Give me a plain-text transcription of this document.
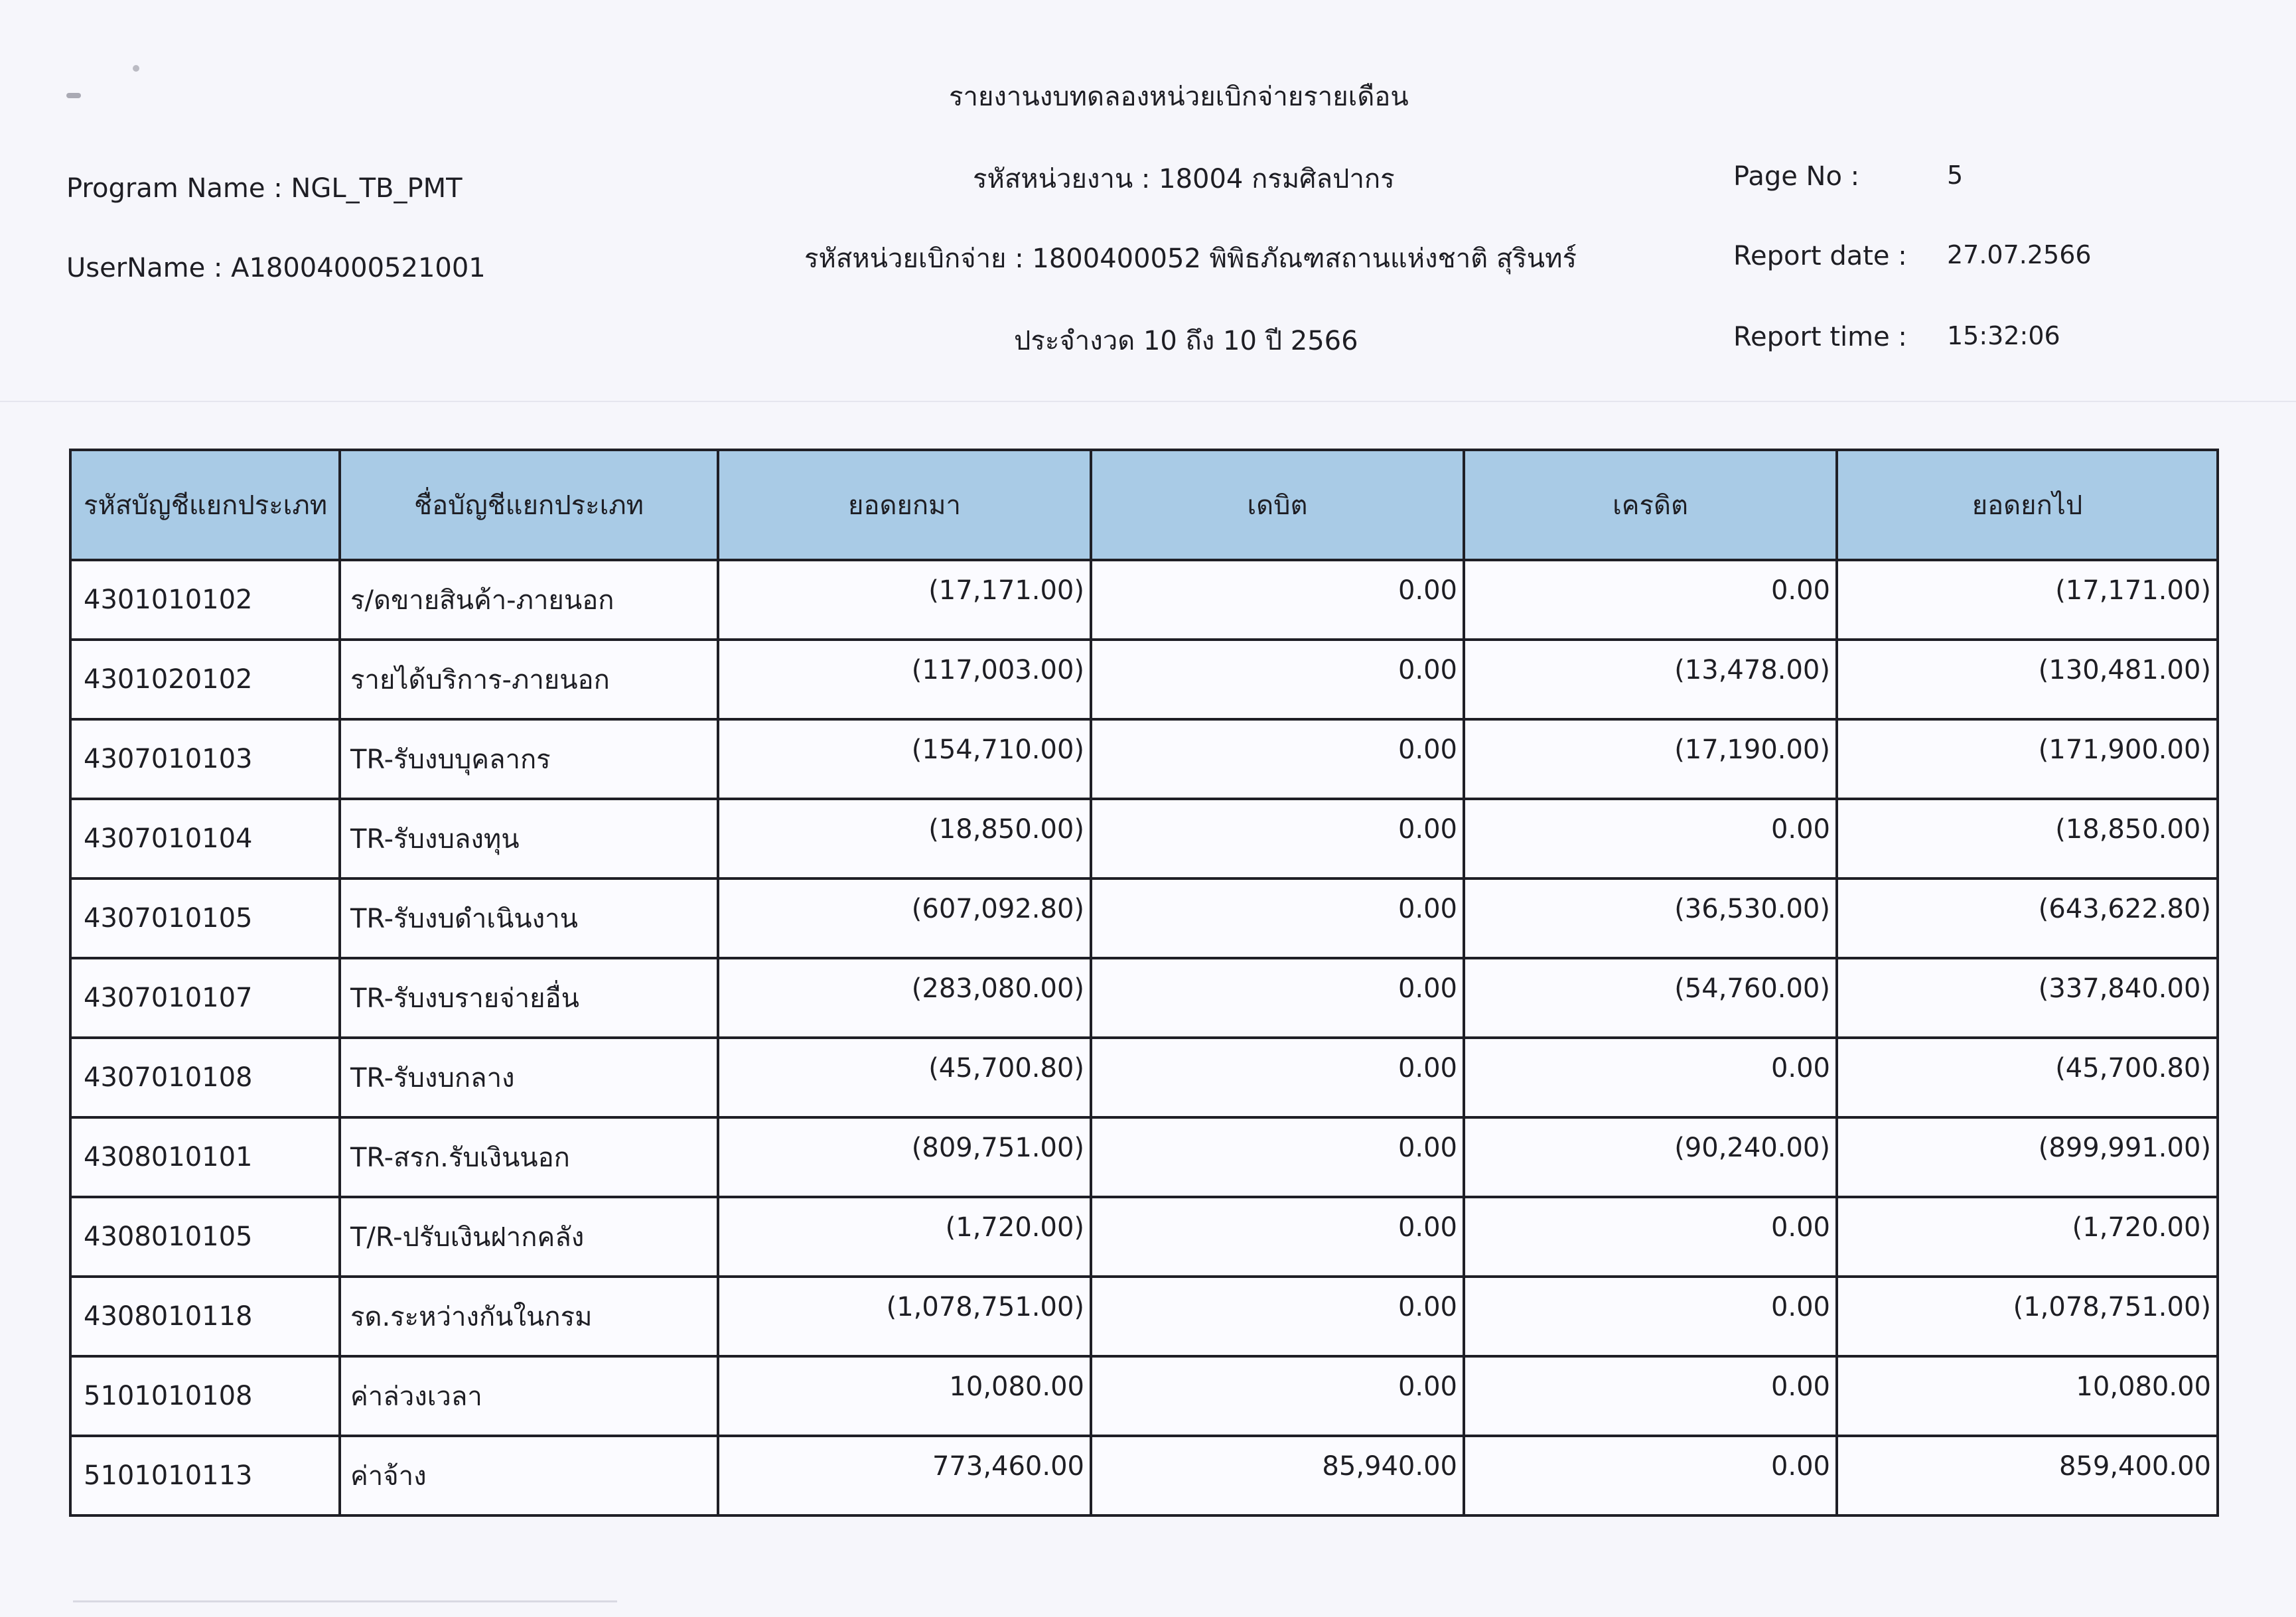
รายงานงบทดลองหน่วยเบิกจ่ายรายเดือน
Program Name : NGL_TB_PMT
UserName : A18004000521001
รหัสหน่วยงาน : 18004 กรมศิลปากร
รหัสหน่วยเบิกจ่าย : 1800400052 พิพิธภัณฑสถานแห่งชาติ สุรินทร์
ประจำงวด 10 ถึง 10 ปี 2566
Page No :	5
Report date : 27.07.2566
Report time : 15:32:06
รหัสบัญชีแยกประเภท	ชื่อบัญชีแยกประเภท	ยอดยกมา	เดบิต	เครดิต	ยอดยกไป
4301010102	ร/ดขายสินค้า-ภายนอก	(17,171.00)	0.00	0.00	(17,171.00)
4301020102	รายได้บริการ-ภายนอก	(117,003.00)	0.00	(13,478.00)	(130,481.00)
4307010103	TR-รับงบบุคลากร	(154,710.00)	0.00	(17,190.00)	(171,900.00)
4307010104	TR-รับงบลงทุน	(18,850.00)	0.00	0.00	(18,850.00)
4307010105	TR-รับงบดำเนินงาน	(607,092.80)	0.00	(36,530.00)	(643,622.80)
4307010107	TR-รับงบรายจ่ายอื่น	(283,080.00)	0.00	(54,760.00)	(337,840.00)
4307010108	TR-รับงบกลาง	(45,700.80)	0.00	0.00	(45,700.80)
4308010101	TR-สรก.รับเงินนอก	(809,751.00)	0.00	(90,240.00)	(899,991.00)
4308010105	T/R-ปรับเงินฝากคลัง	(1,720.00)	0.00	0.00	(1,720.00)
4308010118	รด.ระหว่างกันในกรม	(1,078,751.00)	0.00	0.00	(1,078,751.00)
5101010108	ค่าล่วงเวลา	10,080.00	0.00	0.00	10,080.00
5101010113	ค่าจ้าง	773,460.00	85,940.00	0.00	859,400.00
